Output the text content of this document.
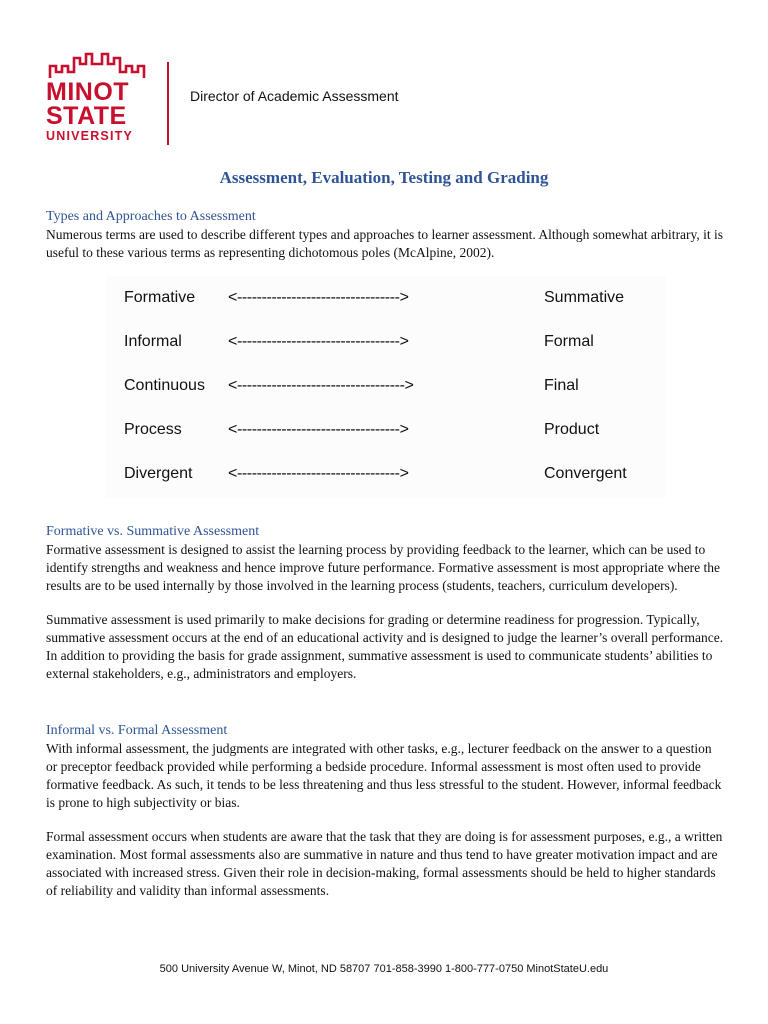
MINOT
STATE
UNIVERSITY
Director of Academic Assessment
Assessment, Evaluation, Testing and Grading
Types and Approaches to Assessment

Numerous terms are used to describe different types and approaches to learner assessment. Although somewhat arbitrary, it is useful to these various terms as representing dichotomous poles (McAlpine, 2002).

Formative <--------------------------------->	Summative
Informal	<--------------------------------->	Formal
Continuous <---------------------------------->	Final
Process	<--------------------------------->	Product
Divergent <--------------------------------->	Convergent
Formative vs. Summative Assessment

Formative assessment is designed to assist the learning process by providing feedback to the learner, which can be used to identify strengths and weakness and hence improve future performance. Formative assessment is most appropriate where the results are to be used internally by those involved in the learning process (students, teachers, curriculum developers).

Summative assessment is used primarily to make decisions for grading or determine readiness for progression. Typically, summative assessment occurs at the end of an educational activity and is designed to judge the learner’s overall performance. In addition to providing the basis for grade assignment, summative assessment is used to communicate students’ abilities to external stakeholders, e.g., administrators and employers.

Informal vs. Formal Assessment

With informal assessment, the judgments are integrated with other tasks, e.g., lecturer feedback on the answer to a question or preceptor feedback provided while performing a bedside procedure. Informal assessment is most often used to provide formative feedback. As such, it tends to be less threatening and thus less stressful to the student. However, informal feedback is prone to high subjectivity or bias.

Formal assessment occurs when students are aware that the task that they are doing is for assessment purposes, e.g., a written examination. Most formal assessments also are summative in nature and thus tend to have greater motivation impact and are associated with increased stress. Given their role in decision-making, formal assessments should be held to higher standards of reliability and validity than informal assessments.

500 University Avenue W, Minot, ND 58707 701-858-3990 1-800-777-0750 MinotStateU.edu
